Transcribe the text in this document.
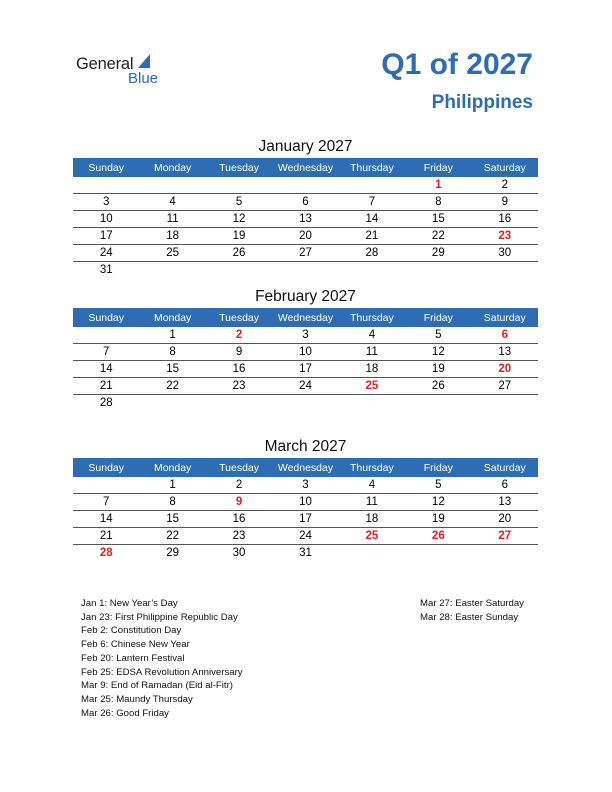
General
Blue	Q1 of 2027
Philippines
January 2027
Sunday	Monday	Tuesday	Wednesday	Thursday	Friday	Saturday
					1	2
3	4	5	6	7	8	9
10	11	12	13	14	15	16
17	18	19	20	21	22	23
24	25	26	27	28	29	30
31						
February 2027
Sunday	Monday	Tuesday	Wednesday	Thursday	Friday	Saturday
	1	2	3	4	5	6
7	8	9	10	11	12	13
14	15	16	17	18	19	20
21	22	23	24	25	26	27
28						
March 2027
Sunday	Monday	Tuesday	Wednesday	Thursday	Friday	Saturday
	1	2	3	4	5	6
7	8	9	10	11	12	13
14	15	16	17	18	19	20
21	22	23	24	25	26	27
28	29	30	31			
Jan 1: New Year’s Day
Jan 23: First Philippine Republic Day
Feb 2: Constitution Day
Feb 6: Chinese New Year
Feb 20: Lantern Festival
Feb 25: EDSA Revolution Anniversary
Mar 9: End of Ramadan (Eid al-Fitr)
Mar 25: Maundy Thursday
Mar 26: Good Friday
Mar 27: Easter Saturday
Mar 28: Easter Sunday
